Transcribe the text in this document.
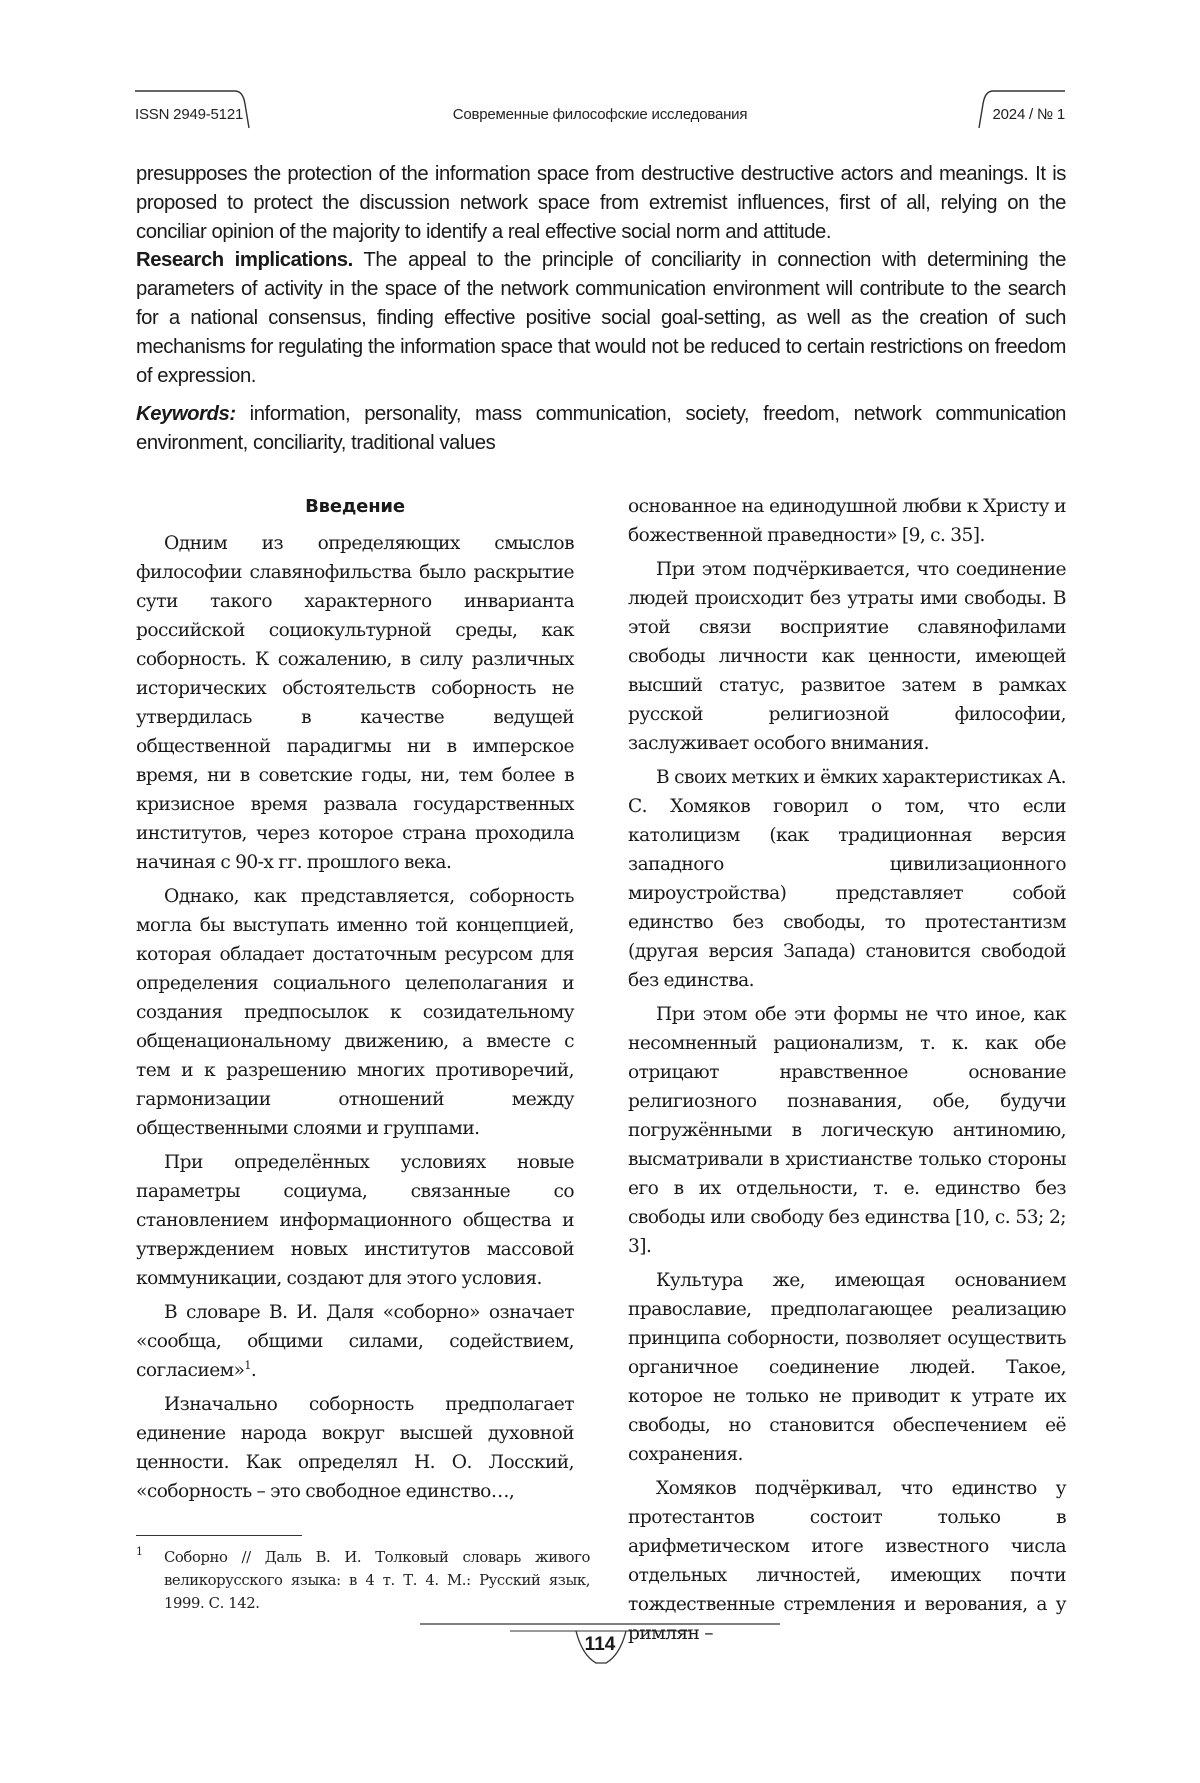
ISSN 2949-5121	Современные философские исследования	2024 / № 1

presupposes the protection of the information space from destructive destructive actors and meanings. It is proposed to protect the discussion network space from extremist influences, first of all, relying on the conciliar opinion of the majority to identify a real effective social norm and attitude.

Research implications. The appeal to the principle of conciliarity in connection with determining the parameters of activity in the space of the network communication environment will contribute to the search for a national consensus, finding effective positive social goal-setting, as well as the creation of such mechanisms for regulating the information space that would not be reduced to certain restrictions on freedom of expression.

Keywords: information, personality, mass communication, society, freedom, network communication environment, conciliarity, traditional values

Введение

Одним из определяющих смыслов философии славянофильства было раскрытие сути такого характерного инварианта российской социокультурной среды, как соборность. К сожалению, в силу различных исторических обстоятельств соборность не утвердилась в качестве ведущей общественной парадигмы ни в имперское время, ни в советские годы, ни, тем более в кризисное время развала государственных институтов, через которое страна проходила начиная с 90-х гг. прошлого века.

Однако, как представляется, соборность могла бы выступать именно той концепцией, которая обладает достаточным ресурсом для определения социального целеполагания и создания предпосылок к созидательному общенациональному движению, а вместе с тем и к разрешению многих противоречий, гармонизации отношений между общественными слоями и группами.

При определённых условиях новые параметры социума, связанные со становлением информационного общества и утверждением новых институтов массовой коммуникации, создают для этого условия.

В словаре В. И. Даля «соборно» означает «сообща, общими силами, содействием, согласием»$^1$.

Изначально соборность предполагает единение народа вокруг высшей духовной ценности. Как определял Н. О. Лосский, «соборность – это свободное единство…,

основанное на единодушной любви к Христу и божественной праведности» [9, с. 35].

При этом подчёркивается, что соединение людей происходит без утраты ими свободы. В этой связи восприятие славянофилами свободы личности как ценности, имеющей высший статус, развитое затем в рамках русской религиозной философии, заслуживает особого внимания.

В своих метких и ёмких характеристиках А. С. Хомяков говорил о том, что если католицизм (как традиционная версия западного цивилизационного мироустройства) представляет собой единство без свободы, то протестантизм (другая версия Запада) становится свободой без единства.

При этом обе эти формы не что иное, как несомненный рационализм, т. к. как обе отрицают нравственное основание религиозного познавания, обе, будучи погружёнными в логическую антиномию, высматривали в христианстве только стороны его в их отдельности, т. е. единство без свободы или свободу без единства [10, с. 53; 2; 3].

Культура же, имеющая основанием православие, предполагающее реализацию принципа соборности, позволяет осуществить органичное соединение людей. Такое, которое не только не приводит к утрате их свободы, но становится обеспечением её сохранения.

Хомяков подчёркивал, что единство у протестантов состоит только в арифметическом итоге известного числа отдельных личностей, имеющих почти тождественные стремления и верования, а у римлян –

1 Соборно // Даль В. И. Толковый словарь живого великорусского языка: в 4 т. Т. 4. М.: Русский язык, 1999. С. 142.
114
